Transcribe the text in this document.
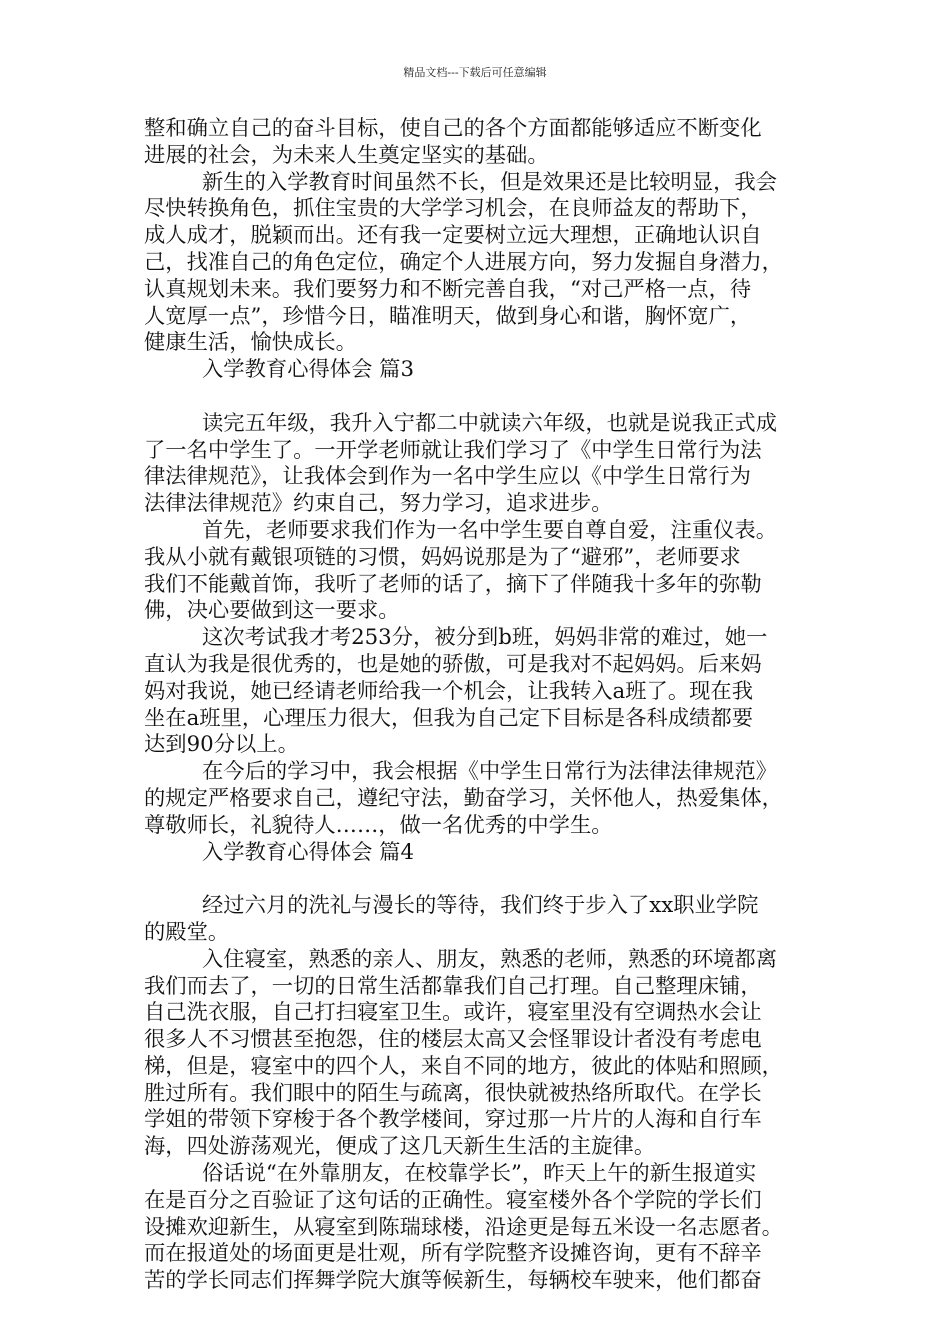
精品文档---下载后可任意编辑
整和确立自己的奋斗目标，使自己的各个方面都能够适应不断变化
进展的社会，为未来人生奠定坚实的基础。
新生的入学教育时间虽然不长，但是效果还是比较明显，我会
尽快转换角色，抓住宝贵的大学学习机会，在良师益友的帮助下，
成人成才，脱颖而出。还有我一定要树立远大理想，正确地认识自
己，找准自己的角色定位，确定个人进展方向，努力发掘自身潜力，
认真规划未来。我们要努力和不断完善自我，“对己严格一点，待
人宽厚一点”，珍惜今日，瞄准明天，做到身心和谐，胸怀宽广，
健康生活，愉快成长。
入学教育心得体会 篇3
读完五年级，我升入宁都二中就读六年级，也就是说我正式成
了一名中学生了。一开学老师就让我们学习了《中学生日常行为法
律法律规范》，让我体会到作为一名中学生应以《中学生日常行为
法律法律规范》约束自己，努力学习，追求进步。
首先，老师要求我们作为一名中学生要自尊自爱，注重仪表。
我从小就有戴银项链的习惯，妈妈说那是为了“避邪”，老师要求
我们不能戴首饰，我听了老师的话了，摘下了伴随我十多年的弥勒
佛，决心要做到这一要求。
这次考试我才考253分，被分到b班，妈妈非常的难过，她一
直认为我是很优秀的，也是她的骄傲，可是我对不起妈妈。后来妈
妈对我说，她已经请老师给我一个机会，让我转入a班了。现在我
坐在a班里，心理压力很大，但我为自己定下目标是各科成绩都要
达到90分以上。
在今后的学习中，我会根据《中学生日常行为法律法律规范》
的规定严格要求自己，遵纪守法，勤奋学习，关怀他人，热爱集体，
尊敬师长，礼貌待人……，做一名优秀的中学生。
入学教育心得体会 篇4
经过六月的洗礼与漫长的等待，我们终于步入了xx职业学院
的殿堂。
入住寝室，熟悉的亲人、朋友，熟悉的老师，熟悉的环境都离
我们而去了，一切的日常生活都靠我们自己打理。自己整理床铺，
自己洗衣服，自己打扫寝室卫生。或许，寝室里没有空调热水会让
很多人不习惯甚至抱怨，住的楼层太高又会怪罪设计者没有考虑电
梯，但是，寝室中的四个人，来自不同的地方，彼此的体贴和照顾，
胜过所有。我们眼中的陌生与疏离，很快就被热络所取代。在学长
学姐的带领下穿梭于各个教学楼间，穿过那一片片的人海和自行车
海，四处游荡观光，便成了这几天新生生活的主旋律。
俗话说“在外靠朋友，在校靠学长”，昨天上午的新生报道实
在是百分之百验证了这句话的正确性。寝室楼外各个学院的学长们
设摊欢迎新生，从寝室到陈瑞球楼，沿途更是每五米设一名志愿者。
而在报道处的场面更是壮观，所有学院整齐设摊咨询，更有不辞辛
苦的学长同志们挥舞学院大旗等候新生，每辆校车驶来，他们都奋
